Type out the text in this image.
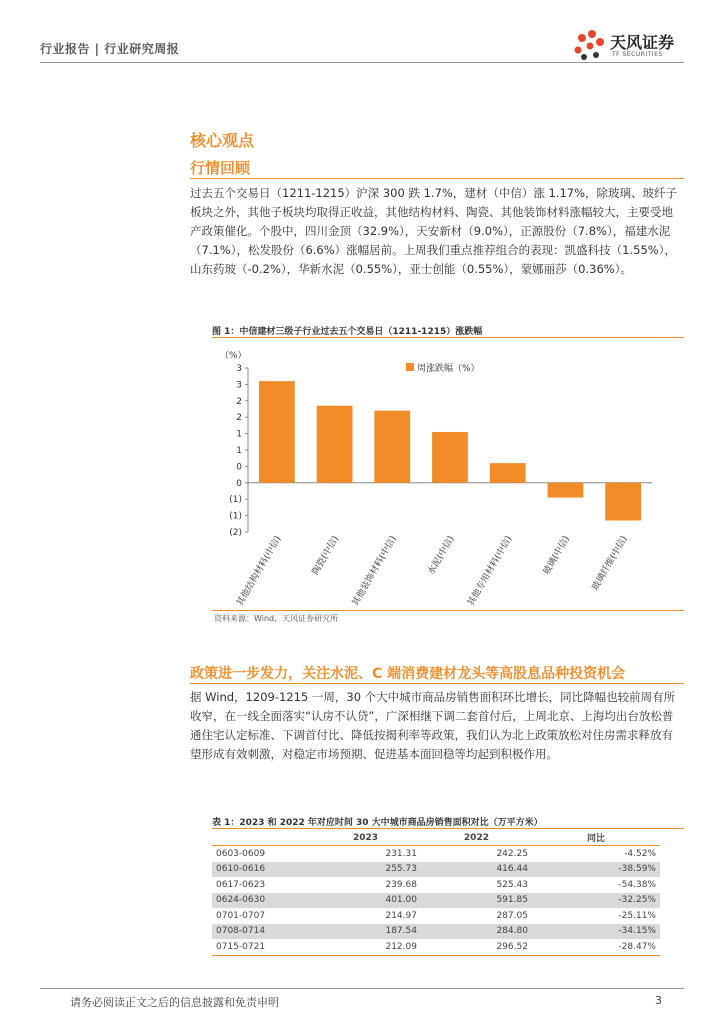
行业报告 | 行业研究周报	天风证券
TF SECURITIES
核心观点
行情回顾
过去五个交易日（1211-1215）沪深 300 跌 1.7%，建材（中信）涨 1.17%，除玻璃、玻纤子板块之外，其他子板块均取得正收益，其他结构材料、陶瓷、其他装饰材料涨幅较大，主要受地产政策催化。个股中，四川金顶（32.9%），天安新材（9.0%），正源股份（7.8%），福建水泥（7.1%），松发股份（6.6%）涨幅居前。上周我们重点推荐组合的表现：凯盛科技（1.55%），山东药玻（-0.2%），华新水泥（0.55%），亚士创能（0.55%），蒙娜丽莎（0.36%）。
图 1：中信建材三级子行业过去五个交易日（1211-1215）涨跌幅
（%）
3
3
2
2
1
1
0
0
(1)
(1)
(2)
其他结构材料(中信)	陶瓷(中信) 其他装饰材料(中信)	水泥(中信) 其他专用材料(中信)	玻璃(中信) 玻璃纤维(中信)
周涨跌幅（%）
资料来源：Wind，天风证券研究所
政策进一步发力，关注水泥、C 端消费建材龙头等高股息品种投资机会
据 Wind，1209-1215 一周，30 个大中城市商品房销售面积环比增长，同比降幅也较前周有所收窄，在一线全面落实“认房不认贷”，广深相继下调二套首付后，上周北京、上海均出台放松普通住宅认定标准、下调首付比、降低按揭利率等政策，我们认为北上政策放松对住房需求释放有望形成有效刺激，对稳定市场预期、促进基本面回稳等均起到积极作用。
表 1：2023 和 2022 年对应时间 30 大中城市商品房销售面积对比（万平方米）
	2023	2022	同比
0603-0609	231.31	242.25	-4.52%
0610-0616	255.73	416.44	-38.59%
0617-0623	239.68	525.43	-54.38%
0624-0630	401.00	591.85	-32.25%
0701-0707	214.97	287.05	-25.11%
0708-0714	187.54	284.80	-34.15%
0715-0721	212.09	296.52	-28.47%
请务必阅读正文之后的信息披露和免责申明	3
